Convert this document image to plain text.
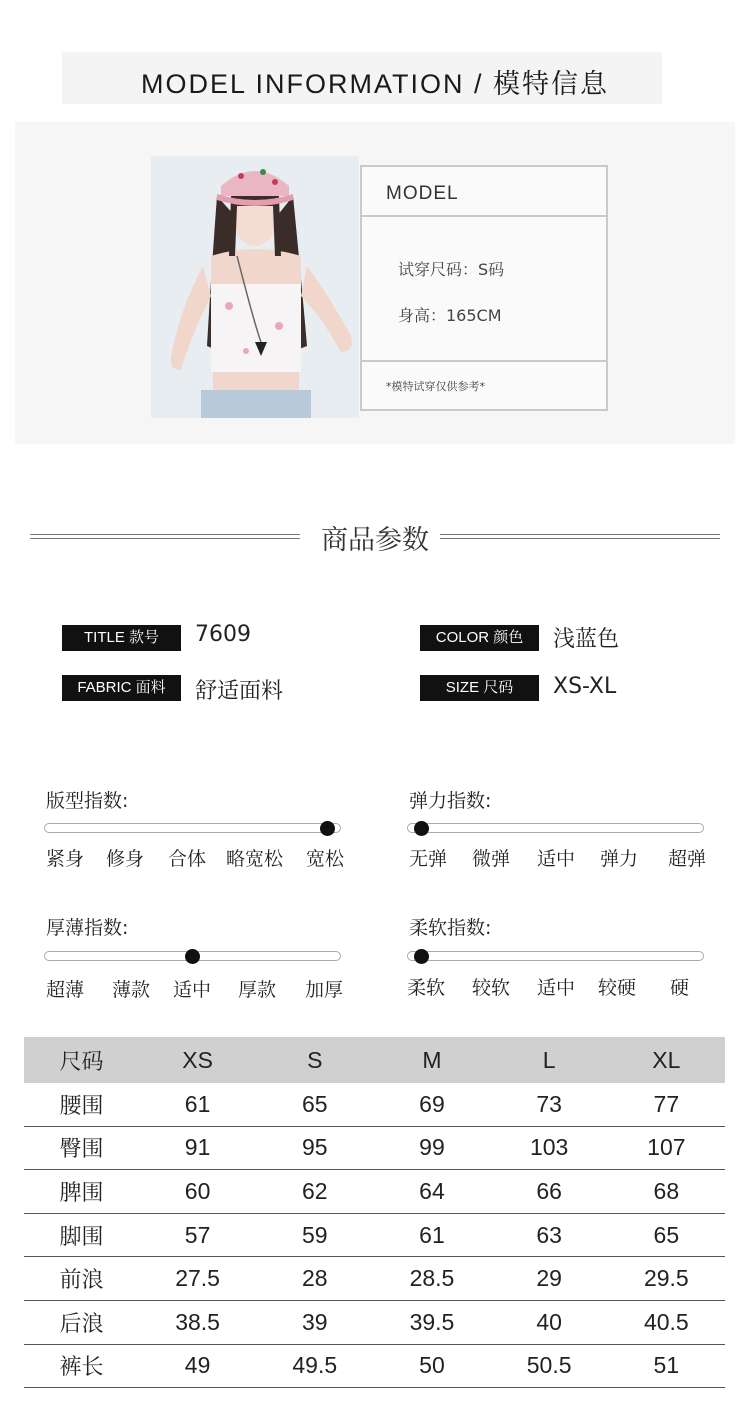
MODEL INFORMATION / 模特信息
MODEL
试穿尺码：S码
身高：165CM
*模特试穿仅供参考*
商品参数
TITLE 款号	7609	COLOR 颜色	浅蓝色
FABRIC 面料	舒适面料	SIZE 尺码	XS-XL
版型指数:
紧身 修身 合体 略宽松 宽松
弹力指数:
无弹 微弹 适中 弹力 超弹
厚薄指数:
超薄 薄款 适中 厚款 加厚
柔软指数:
柔软 较软 适中 较硬 硬
尺码	XS	S	M	L	XL
腰围	61	65	69	73	77
臀围	91	95	99	103	107
脾围	60	62	64	66	68
脚围	57	59	61	63	65
前浪	27.5	28	28.5	29	29.5
后浪	38.5	39	39.5	40	40.5
裤长	49	49.5	50	50.5	51
